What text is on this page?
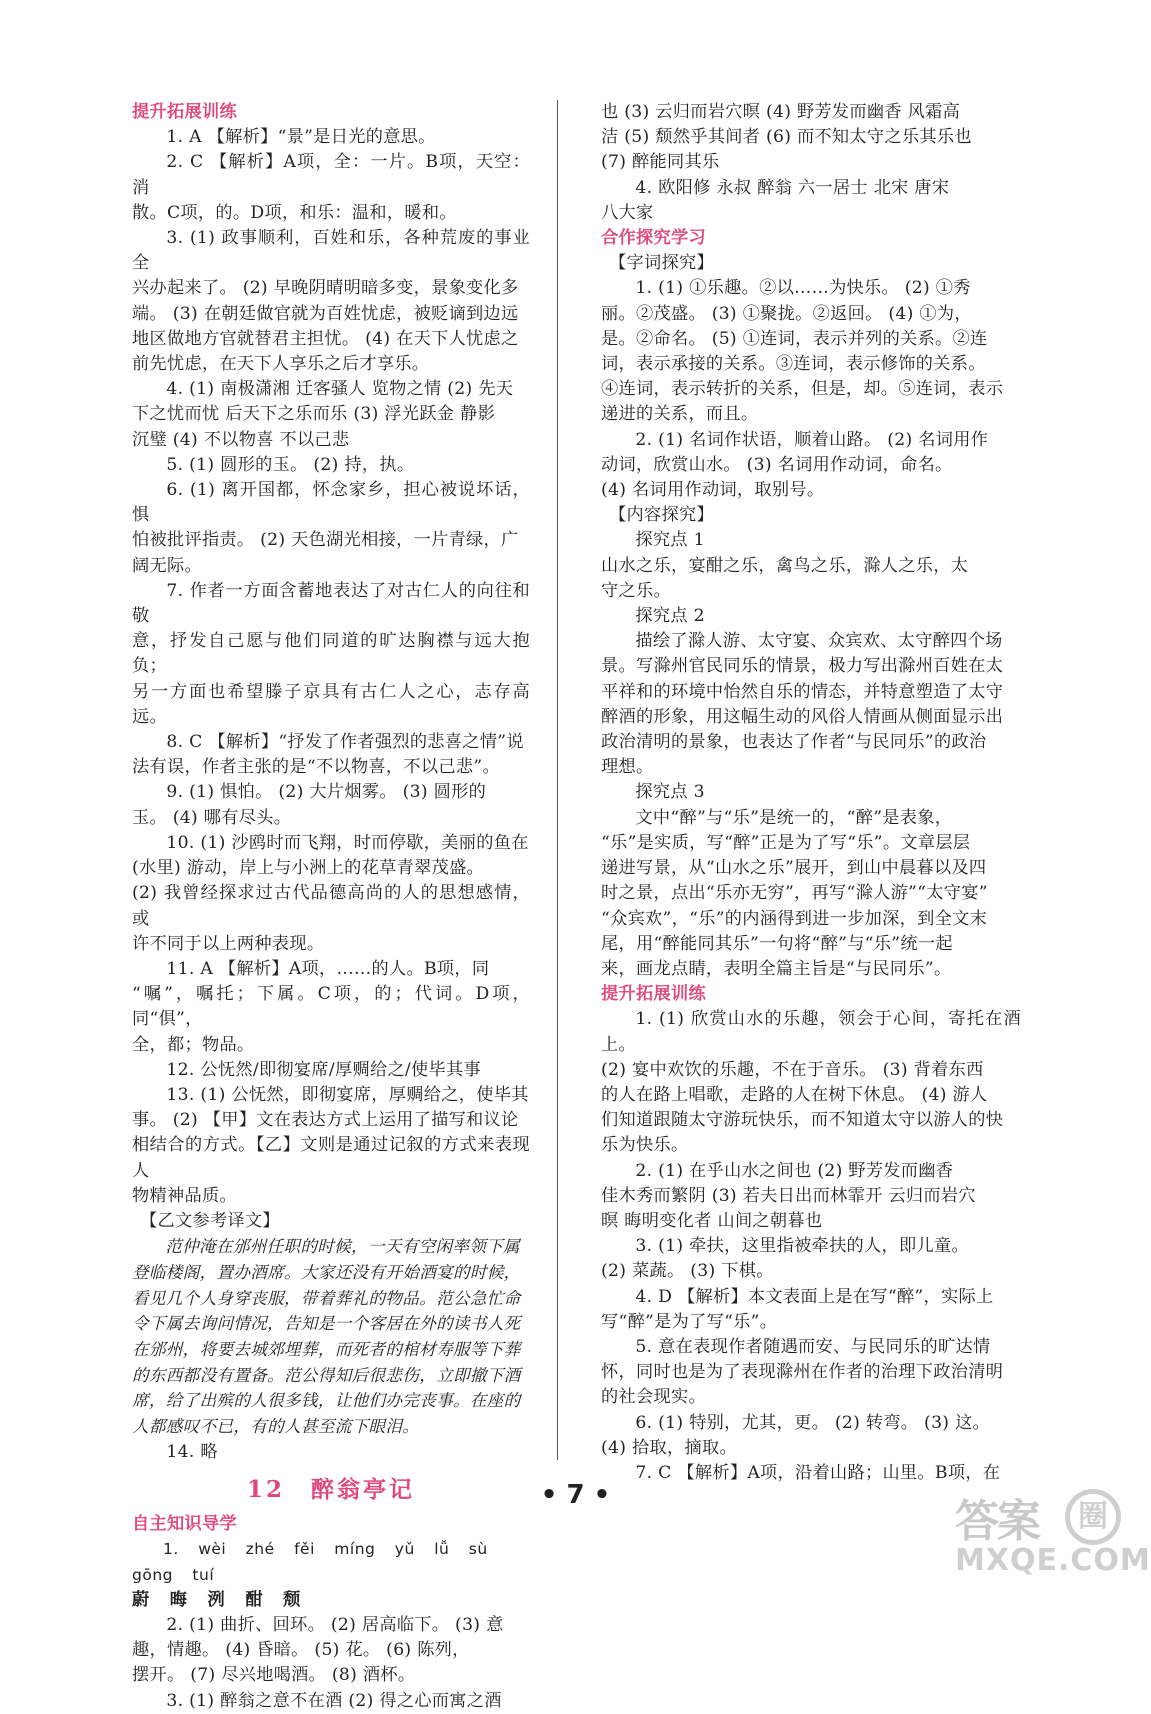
提升拓展训练

1. A 【解析】“景”是日光的意思。

2. C 【解析】A项，全：一片。B项，天空：消

散。C项，的。D项，和乐：温和，暖和。

3. (1) 政事顺利，百姓和乐，各种荒废的事业全

兴办起来了。 (2) 早晚阴晴明暗多变，景象变化多

端。 (3) 在朝廷做官就为百姓忧虑，被贬谪到边远

地区做地方官就替君主担忧。 (4) 在天下人忧虑之

前先忧虑，在天下人享乐之后才享乐。

4. (1) 南极潇湘 迁客骚人 览物之情 (2) 先天

下之忧而忧 后天下之乐而乐 (3) 浮光跃金 静影

沉璧 (4) 不以物喜 不以己悲

5. (1) 圆形的玉。 (2) 持，执。

6. (1) 离开国都，怀念家乡，担心被说坏话，惧

怕被批评指责。 (2) 天色湖光相接，一片青绿，广

阔无际。

7. 作者一方面含蓄地表达了对古仁人的向往和敬

意，抒发自己愿与他们同道的旷达胸襟与远大抱负；

另一方面也希望滕子京具有古仁人之心，志存高远。

8. C 【解析】“抒发了作者强烈的悲喜之情”说

法有误，作者主张的是“不以物喜，不以己悲”。

9. (1) 惧怕。 (2) 大片烟雾。 (3) 圆形的

玉。 (4) 哪有尽头。

10. (1) 沙鸥时而飞翔，时而停歇，美丽的鱼在

(水里) 游动，岸上与小洲上的花草青翠茂盛。

(2) 我曾经探求过古代品德高尚的人的思想感情，或

许不同于以上两种表现。

11. A 【解析】A项，……的人。B项，同

“嘱”，嘱托；下属。C项，的；代词。D项，同“俱”，

全，都；物品。

12. 公怃然/即彻宴席/厚赒给之/使毕其事

13. (1) 公怃然，即彻宴席，厚赒给之，使毕其

事。 (2) 【甲】文在表达方式上运用了描写和议论

相结合的方式。【乙】文则是通过记叙的方式来表现人

物精神品质。

【乙文参考译文】

范仲淹在邠州任职的时候，一天有空闲率领下属

登临楼阁，置办酒席。大家还没有开始酒宴的时候，

看见几个人身穿丧服，带着葬礼的物品。范公急忙命

令下属去询问情况，告知是一个客居在外的读书人死

在邠州，将要去城郊埋葬，而死者的棺材寿服等下葬

的东西都没有置备。范公得知后很悲伤，立即撤下酒

席，给了出殡的人很多钱，让他们办完丧事。在座的

人都感叹不已，有的人甚至流下眼泪。

14. 略

12　醉翁亭记

自主知识导学

1. wèi zhé fěi míng yǔ lǚ sù gōng tuí

蔚 晦 洌 酣 颓

2. (1) 曲折、回环。 (2) 居高临下。 (3) 意

趣，情趣。 (4) 昏暗。 (5) 花。 (6) 陈列，

摆开。 (7) 尽兴地喝酒。 (8) 酒杯。

3. (1) 醉翁之意不在酒 (2) 得之心而寓之酒

也 (3) 云归而岩穴暝 (4) 野芳发而幽香 风霜高

洁 (5) 颓然乎其间者 (6) 而不知太守之乐其乐也

(7) 醉能同其乐

4. 欧阳修 永叔 醉翁 六一居士 北宋 唐宋

八大家

合作探究学习

【字词探究】

1. (1) ①乐趣。②以……为快乐。 (2) ①秀

丽。②茂盛。 (3) ①聚拢。②返回。 (4) ①为，

是。②命名。 (5) ①连词，表示并列的关系。②连

词，表示承接的关系。③连词，表示修饰的关系。

④连词，表示转折的关系，但是，却。⑤连词，表示

递进的关系，而且。

2. (1) 名词作状语，顺着山路。 (2) 名词用作

动词，欣赏山水。 (3) 名词用作动词，命名。

(4) 名词用作动词，取别号。

【内容探究】

探究点 1

山水之乐，宴酣之乐，禽鸟之乐，滁人之乐，太

守之乐。

探究点 2

描绘了滁人游、太守宴、众宾欢、太守醉四个场

景。写滁州官民同乐的情景，极力写出滁州百姓在太

平祥和的环境中怡然自乐的情态，并特意塑造了太守

醉酒的形象，用这幅生动的风俗人情画从侧面显示出

政治清明的景象，也表达了作者“与民同乐”的政治

理想。

探究点 3

文中“醉”与“乐”是统一的，“醉”是表象，

“乐”是实质，写“醉”正是为了写“乐”。文章层层

递进写景，从“山水之乐”展开，到山中晨暮以及四

时之景，点出“乐亦无穷”，再写“滁人游”“太守宴”

“众宾欢”，“乐”的内涵得到进一步加深，到全文末

尾，用“醉能同其乐”一句将“醉”与“乐”统一起

来，画龙点睛，表明全篇主旨是“与民同乐”。

提升拓展训练

1. (1) 欣赏山水的乐趣，领会于心间，寄托在酒上。

(2) 宴中欢饮的乐趣，不在于音乐。 (3) 背着东西

的人在路上唱歌，走路的人在树下休息。 (4) 游人

们知道跟随太守游玩快乐，而不知道太守以游人的快

乐为快乐。

2. (1) 在乎山水之间也 (2) 野芳发而幽香

佳木秀而繁阴 (3) 若夫日出而林霏开 云归而岩穴

暝 晦明变化者 山间之朝暮也

3. (1) 牵扶，这里指被牵扶的人，即儿童。

(2) 菜蔬。 (3) 下棋。

4. D 【解析】本文表面上是在写“醉”，实际上

写“醉”是为了写“乐”。

5. 意在表现作者随遇而安、与民同乐的旷达情

怀，同时也是为了表现滁州在作者的治理下政治清明

的社会现实。

6. (1) 特别，尤其，更。 (2) 转弯。 (3) 这。

(4) 拾取，摘取。

7. C 【解析】A项，沿着山路；山里。B项，在

• 7 •
答案	圈
MXQE.COM
